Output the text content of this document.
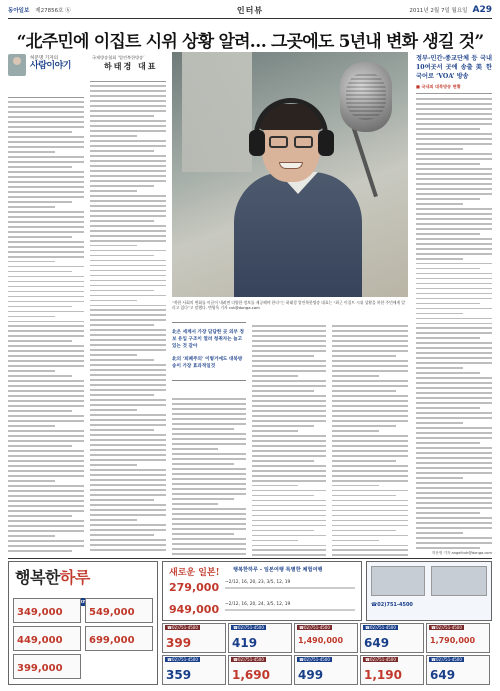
동아일보 제27856호 ⓑ	인터뷰	2011년 2월 7일 월요일 A29
“北주민에 이집트 시위 상황 알려… 그곳에도 5년내 변화 생길 것”
허문명 기자의
사람이야기
국제방송협회 ‘열린북한방송’
하태경 대표
“북한 사회의 변화를 이끌어 내려면 다양한 정보를 제공해야 한다”는 하태경 열린북한방송 대표는 “최근 이집트 시위 상황을 북한 주민에게 알리고 있다”고 말했다. 변영욱 기자 cut@donga.com
北은 세계서 가장 답답한 곳 외부 정보 유입 구조이 열려 청취자는 늘고 있는 것 같아
北의 ‘퇴폐주의’ 이렇거에도 대북방송이 가장 효과적일것
정부-민간-종교단체 등 국내 10여곳서 곳에 송출 美 한국어로 ‘VOA’ 방송
■ 국내외 대북방송 현황
허문명 기자 angelhuh@donga.com
행복한하루
349,000	549,000
449,000	699,000
399,000
새로운 일본!	행복한하루 - 일본여행 특별한 체험여행
279,000 ~2/12, 16, 20, 23, 3/5, 12, 19
949,000 ~2/12, 16, 20, 24, 3/5, 12, 19	☎02)751-4500
399
☎02)751-4500
419
☎02)751-4500
1,490,000
☎02)751-4500
649
☎02)751-4500
1,790,000
☎02)751-4500
359
☎02)751-4500
1,690
☎02)751-4500
499
☎02)751-4500
1,190
☎02)751-4500
649
☎02)751-4500
